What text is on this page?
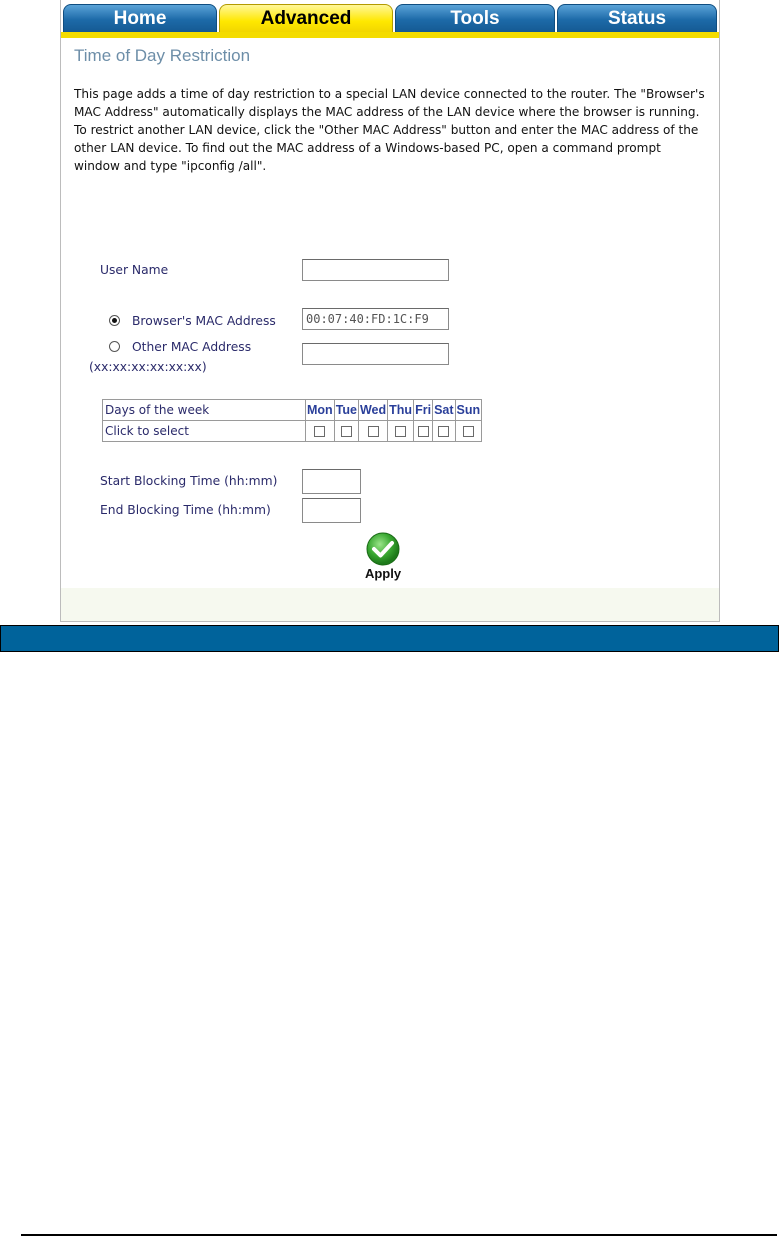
Home	Advanced	Tools	Status
Time of Day Restriction
This page adds a time of day restriction to a special LAN device connected to the router. The "Browser's MAC Address" automatically displays the MAC address of the LAN device where the browser is running. To restrict another LAN device, click the "Other MAC Address" button and enter the MAC address of the other LAN device. To find out the MAC address of a Windows-based PC, open a command prompt window and type "ipconfig /all".
User Name
Browser's MAC Address
00:07:40:FD:1C:F9
Other MAC Address
(xx:xx:xx:xx:xx:xx)
Days of the week	Mon	Tue	Wed	Thu	Fri	Sat	Sun
Click to select							
Start Blocking Time (hh:mm)
End Blocking Time (hh:mm)
Apply
